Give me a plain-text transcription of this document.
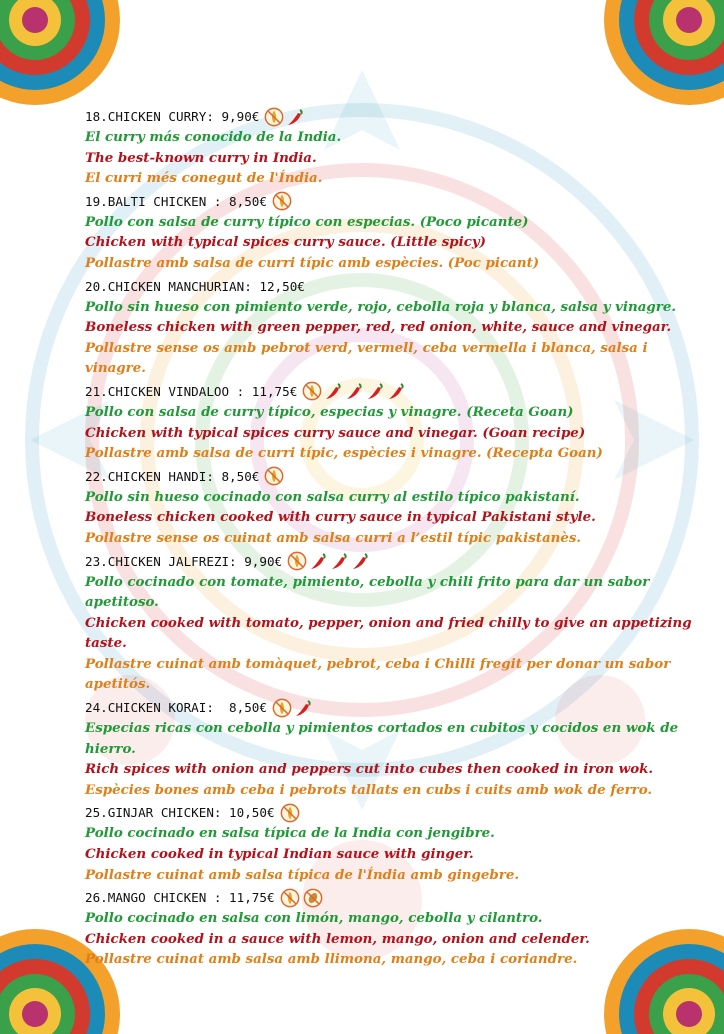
18.CHICKEN CURRY: 9,90€
El curry más conocido de la India.
The best-known curry in India.
El curri més conegut de l'Índia.
19.BALTI CHICKEN : 8,50€
Pollo con salsa de curry típico con especias. (Poco picante)
Chicken with typical spices curry sauce. (Little spicy)
Pollastre amb salsa de curri típic amb espècies. (Poc picant)
20.CHICKEN MANCHURIAN: 12,50€
Pollo sin hueso con pimiento verde, rojo, cebolla roja y blanca, salsa y vinagre.
Boneless chicken with green pepper, red, red onion, white, sauce and vinegar.
Pollastre sense os amb pebrot verd, vermell, ceba vermella i blanca, salsa i vinagre.
21.CHICKEN VINDALOO : 11,75€
Pollo con salsa de curry típico, especias y vinagre. (Receta Goan)
Chicken with typical spices curry sauce and vinegar. (Goan recipe)
Pollastre amb salsa de curri típic, espècies i vinagre. (Recepta Goan)
22.CHICKEN HANDI: 8,50€
Pollo sin hueso cocinado con salsa curry al estilo típico pakistaní.
Boneless chicken cooked with curry sauce in typical Pakistani style.
Pollastre sense os cuinat amb salsa curri a l’estil típic pakistanès.
23.CHICKEN JALFREZI: 9,90€
Pollo cocinado con tomate, pimiento, cebolla y chili frito para dar un sabor apetitoso.
Chicken cooked with tomato, pepper, onion and fried chilly to give an appetizing
taste.
Pollastre cuinat amb tomàquet, pebrot, ceba i Chilli fregit per donar un sabor
apetitós.
24.CHICKEN KORAI:  8,50€
Especias ricas con cebolla y pimientos cortados en cubitos y cocidos en wok de
hierro.
Rich spices with onion and peppers cut into cubes then cooked in iron wok.
Espècies bones amb ceba i pebrots tallats en cubs i cuits amb wok de ferro.
25.GINJAR CHICKEN: 10,50€
Pollo cocinado en salsa típica de la India con jengibre.
Chicken cooked in typical Indian sauce with ginger.
Pollastre cuinat amb salsa típica de l'Índia amb gingebre.
26.MANGO CHICKEN : 11,75€
Pollo cocinado en salsa con limón, mango, cebolla y cilantro.
Chicken cooked in a sauce with lemon, mango, onion and celender.
Pollastre cuinat amb salsa amb llimona, mango, ceba i coriandre.
